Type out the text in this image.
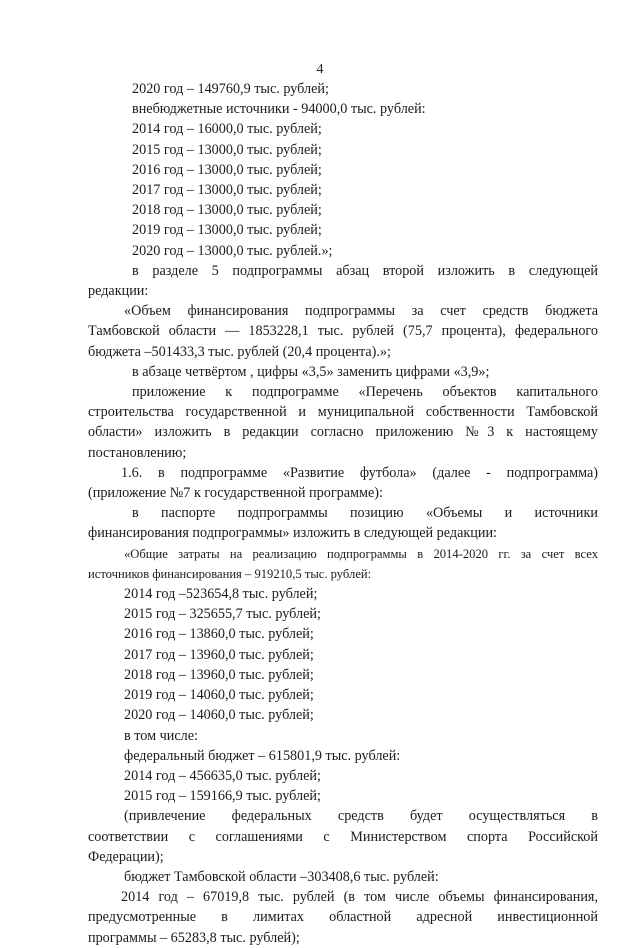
4

2020 год – 149760,9 тыс. рублей;

внебюджетные источники - 94000,0 тыс. рублей:

2014 год – 16000,0 тыс. рублей;

2015 год – 13000,0 тыс. рублей;

2016 год – 13000,0 тыс. рублей;

2017 год – 13000,0 тыс. рублей;

2018 год – 13000,0 тыс. рублей;

2019 год – 13000,0 тыс. рублей;

2020 год – 13000,0 тыс. рублей.»;

в разделе 5 подпрограммы абзац второй изложить в следующей

редакции:

«Объем финансирования подпрограммы за счет средств бюджета

Тамбовской области — 1853228,1 тыс. рублей (75,7 процента), федерального

бюджета –501433,3 тыс. рублей (20,4 процента).»;

в абзаце четвёртом , цифры «3,5» заменить цифрами «3,9»;

приложение к подпрограмме «Перечень объектов капитального

строительства государственной и муниципальной собственности Тамбовской

области» изложить в редакции согласно приложению №3 к настоящему

постановлению;

1.6. в подпрограмме «Развитие футбола» (далее - подпрограмма)

(приложение №7 к государственной программе):

в паспорте подпрограммы позицию «Объемы и источники

финансирования подпрограммы» изложить в следующей редакции:

«Общие затраты на реализацию подпрограммы в 2014-2020 гг. за счет всех

источников финансирования – 919210,5 тыс. рублей:

2014 год –523654,8 тыс. рублей;

2015 год – 325655,7 тыс. рублей;

2016 год – 13860,0 тыс. рублей;

2017 год – 13960,0 тыс. рублей;

2018 год – 13960,0 тыс. рублей;

2019 год – 14060,0 тыс. рублей;

2020 год – 14060,0 тыс. рублей;

в том числе:

федеральный бюджет – 615801,9 тыс. рублей:

2014 год – 456635,0 тыс. рублей;

2015 год – 159166,9 тыс. рублей;

(привлечение федеральных средств будет осуществляться в

соответствии с соглашениями с Министерством спорта Российской

Федерации);

бюджет Тамбовской области –303408,6 тыс. рублей:

2014 год – 67019,8 тыс. рублей (в том числе объемы финансирования,

предусмотренные в лимитах областной адресной инвестиционной

программы – 65283,8 тыс. рублей);
